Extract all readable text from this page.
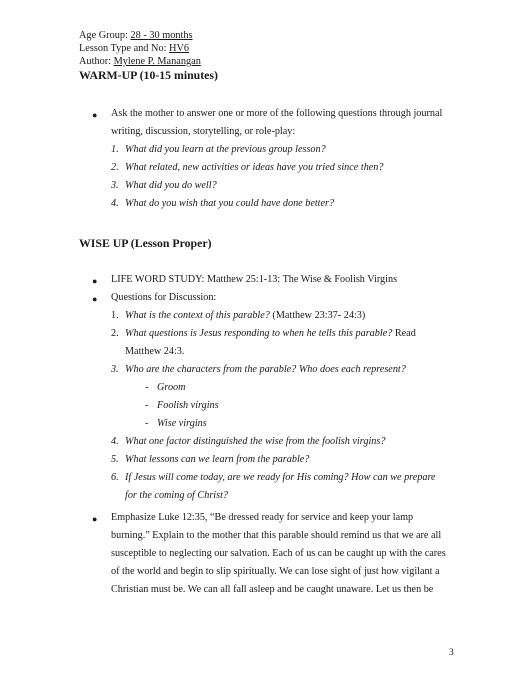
Age Group: 28 - 30 months
Lesson Type and No: HV6
Author: Mylene P. Manangan
WARM-UP (10-15 minutes)
● Ask the mother to answer one or more of the following questions through journal
writing, discussion, storytelling, or role-play:
1. What did you learn at the previous group lesson?
2. What related, new activities or ideas have you tried since then?
3. What did you do well?
4. What do you wish that you could have done better?
WISE UP (Lesson Proper)
● LIFE WORD STUDY: Matthew 25:1-13: The Wise & Foolish Virgins
● Questions for Discussion:
1. What is the context of this parable? (Matthew 23:37- 24:3)
2. What questions is Jesus responding to when he tells this parable? Read
Matthew 24:3.
3. Who are the characters from the parable? Who does each represent?
- Groom
- Foolish virgins
- Wise virgins
4. What one factor distinguished the wise from the foolish virgins?
5. What lessons can we learn from the parable?
6. If Jesus will come today, are we ready for His coming? How can we prepare
for the coming of Christ?
● Emphasize Luke 12:35, “Be dressed ready for service and keep your lamp
burning.” Explain to the mother that this parable should remind us that we are all
susceptible to neglecting our salvation. Each of us can be caught up with the cares
of the world and begin to slip spiritually. We can lose sight of just how vigilant a
Christian must be. We can all fall asleep and be caught unaware. Let us then be
3
